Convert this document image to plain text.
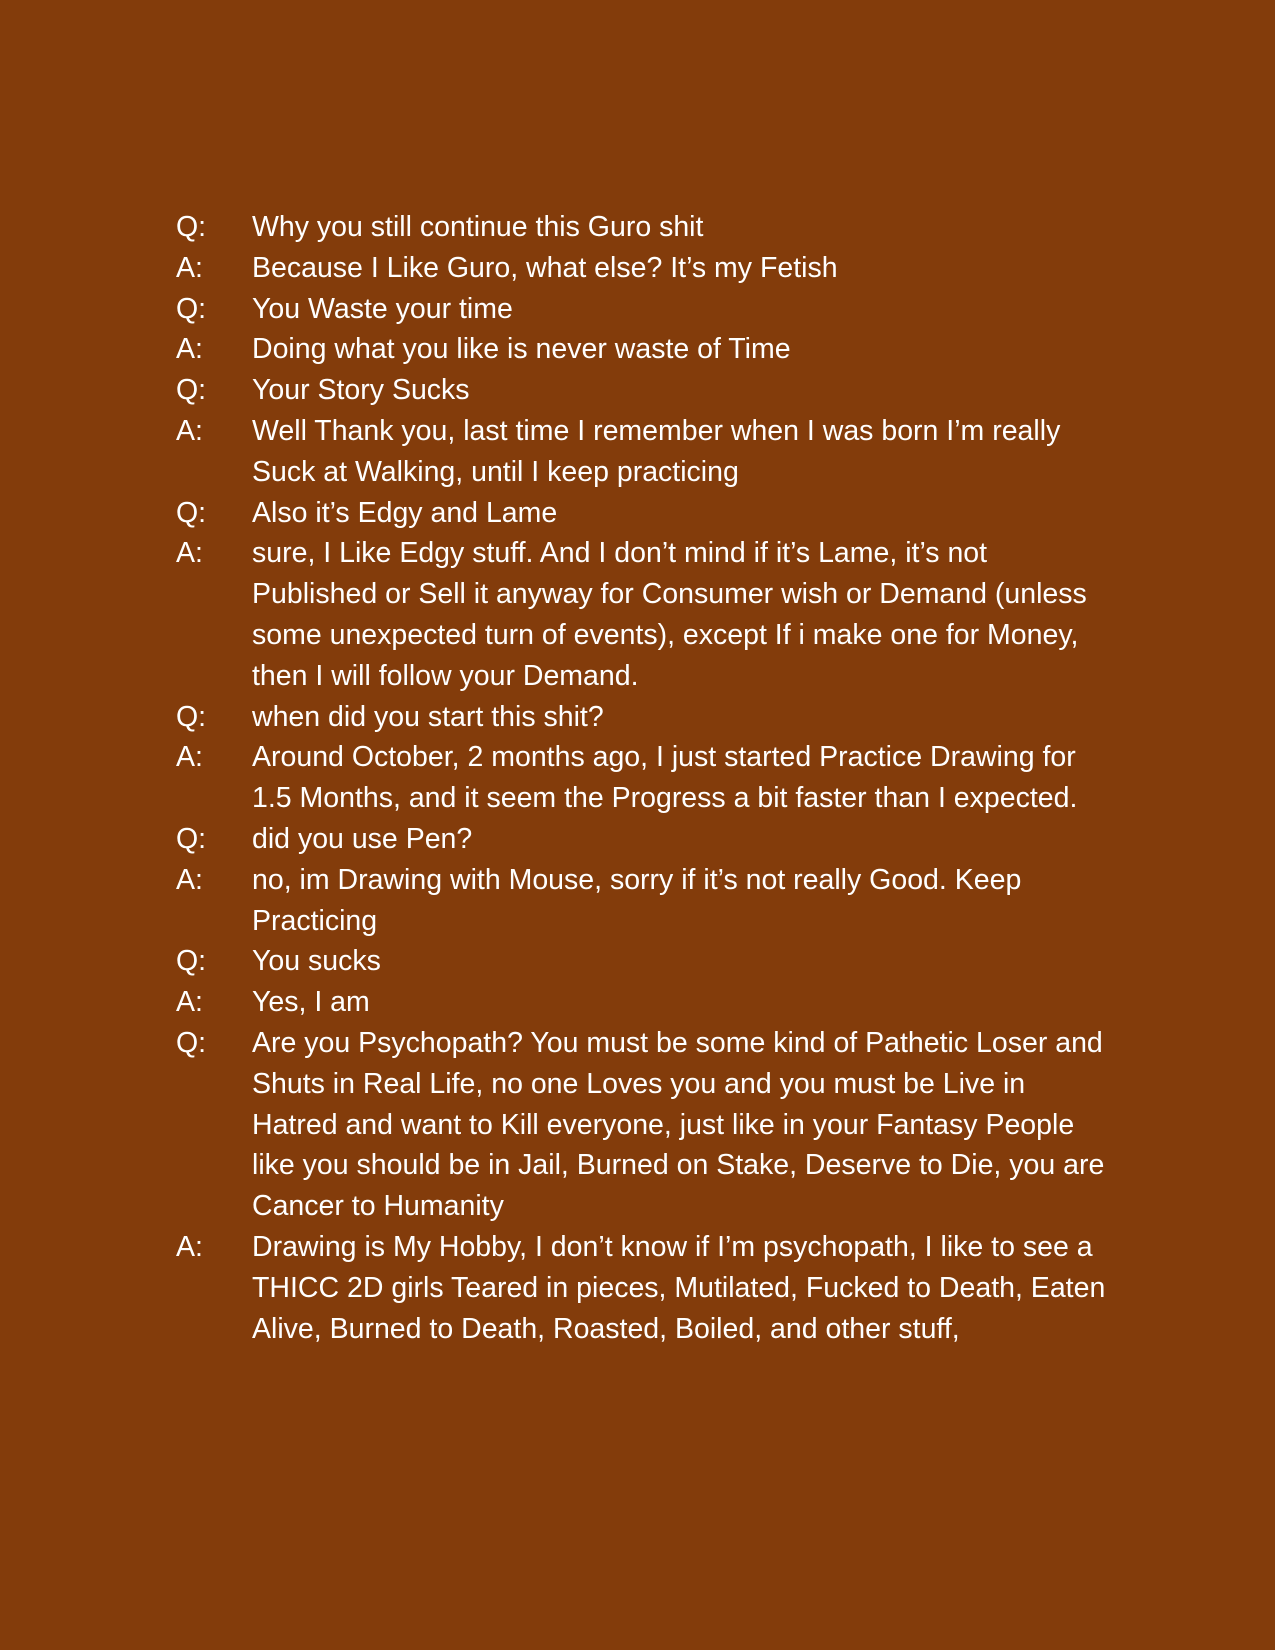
Q:	Why you still continue this Guro shit
A:	Because I Like Guro, what else? It’s my Fetish
Q:	You Waste your time
A:	Doing what you like is never waste of Time
Q:	Your Story Sucks
A:	Well Thank you, last time I remember when I was born I’m really Suck at Walking, until I keep practicing
Q:	Also it’s Edgy and Lame
A:	sure, I Like Edgy stuff. And I don’t mind if it’s Lame, it’s not Published or Sell it anyway for Consumer wish or Demand (unless some unexpected turn of events), except If i make one for Money, then I will follow your Demand.
Q:	when did you start this shit?
A:	Around October, 2 months ago, I just started Practice Drawing for 1.5 Months, and it seem the Progress a bit faster than I expected.
Q:	did you use Pen?
A:	no, im Drawing with Mouse, sorry if it’s not really Good. Keep Practicing
Q:	You sucks
A:	Yes, I am
Q:	Are you Psychopath? You must be some kind of Pathetic Loser and Shuts in Real Life, no one Loves you and you must be Live in Hatred and want to Kill everyone, just like in your Fantasy People like you should be in Jail, Burned on Stake, Deserve to Die, you are Cancer to Humanity
A:	Drawing is My Hobby, I don’t know if I’m psychopath, I like to see a THICC 2D girls Teared in pieces, Mutilated, Fucked to Death, Eaten Alive, Burned to Death, Roasted, Boiled, and other stuff,
